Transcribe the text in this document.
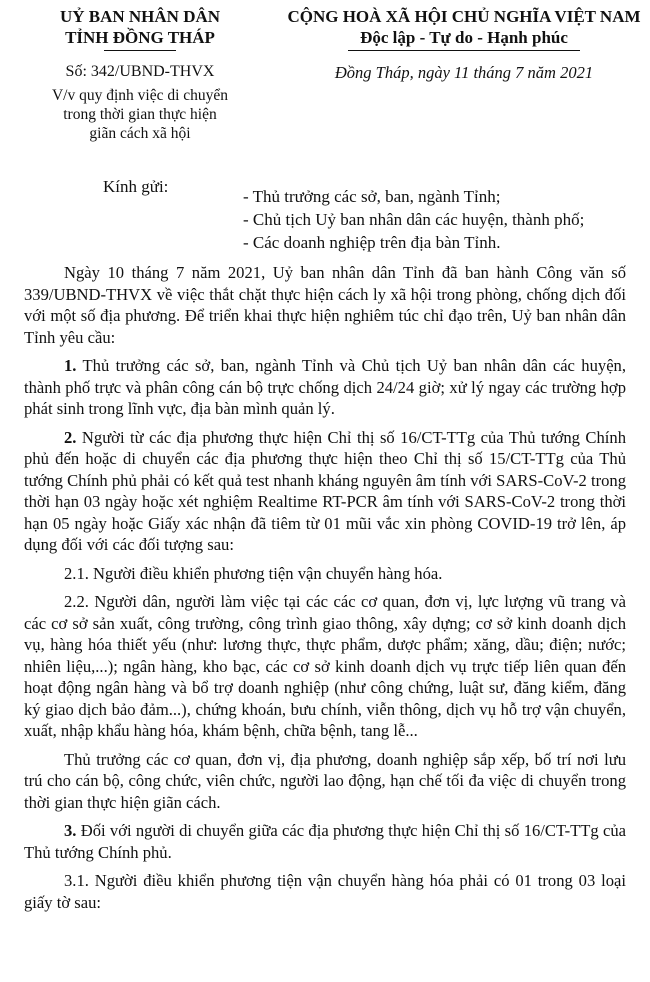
UỶ BAN NHÂN DÂN
TỈNH ĐỒNG THÁP
Số: 342/UBND-THVX
V/v quy định việc di chuyển
trong thời gian thực hiện
giãn cách xã hội
CỘNG HOÀ XÃ HỘI CHỦ NGHĨA VIỆT NAM
Độc lập - Tự do - Hạnh phúc
Đồng Tháp, ngày 11 tháng 7 năm 2021
Kính gửi:
- Thủ trưởng các sở, ban, ngành Tỉnh;
- Chủ tịch Uỷ ban nhân dân các huyện, thành phố;
- Các doanh nghiệp trên địa bàn Tỉnh.

Ngày 10 tháng 7 năm 2021, Uỷ ban nhân dân Tỉnh đã ban hành Công văn số 339/UBND-THVX về việc thắt chặt thực hiện cách ly xã hội trong phòng, chống dịch đối với một số địa phương. Để triển khai thực hiện nghiêm túc chỉ đạo trên, Uỷ ban nhân dân Tỉnh yêu cầu:

1. Thủ trưởng các sở, ban, ngành Tỉnh và Chủ tịch Uỷ ban nhân dân các huyện, thành phố trực và phân công cán bộ trực chống dịch 24/24 giờ; xử lý ngay các trường hợp phát sinh trong lĩnh vực, địa bàn mình quản lý.

2. Người từ các địa phương thực hiện Chỉ thị số 16/CT-TTg của Thủ tướng Chính phủ đến hoặc di chuyển các địa phương thực hiện theo Chỉ thị số 15/CT-TTg của Thủ tướng Chính phủ phải có kết quả test nhanh kháng nguyên âm tính với SARS-CoV-2 trong thời hạn 03 ngày hoặc xét nghiệm Realtime RT-PCR âm tính với SARS-CoV-2 trong thời hạn 05 ngày hoặc Giấy xác nhận đã tiêm từ 01 mũi vắc xin phòng COVID-19 trở lên, áp dụng đối với các đối tượng sau:

2.1. Người điều khiển phương tiện vận chuyển hàng hóa.

2.2. Người dân, người làm việc tại các các cơ quan, đơn vị, lực lượng vũ trang và các cơ sở sản xuất, công trường, công trình giao thông, xây dựng; cơ sở kinh doanh dịch vụ, hàng hóa thiết yếu (như: lương thực, thực phẩm, dược phẩm; xăng, dầu; điện; nước; nhiên liệu,...); ngân hàng, kho bạc, các cơ sở kinh doanh dịch vụ trực tiếp liên quan đến hoạt động ngân hàng và bổ trợ doanh nghiệp (như công chứng, luật sư, đăng kiểm, đăng ký giao dịch bảo đảm...), chứng khoán, bưu chính, viễn thông, dịch vụ hỗ trợ vận chuyển, xuất, nhập khẩu hàng hóa, khám bệnh, chữa bệnh, tang lễ...

Thủ trưởng các cơ quan, đơn vị, địa phương, doanh nghiệp sắp xếp, bố trí nơi lưu trú cho cán bộ, công chức, viên chức, người lao động, hạn chế tối đa việc di chuyển trong thời gian thực hiện giãn cách.

3. Đối với người di chuyển giữa các địa phương thực hiện Chỉ thị số 16/CT-TTg của Thủ tướng Chính phủ.

3.1. Người điều khiển phương tiện vận chuyển hàng hóa phải có 01 trong 03 loại giấy tờ sau:
